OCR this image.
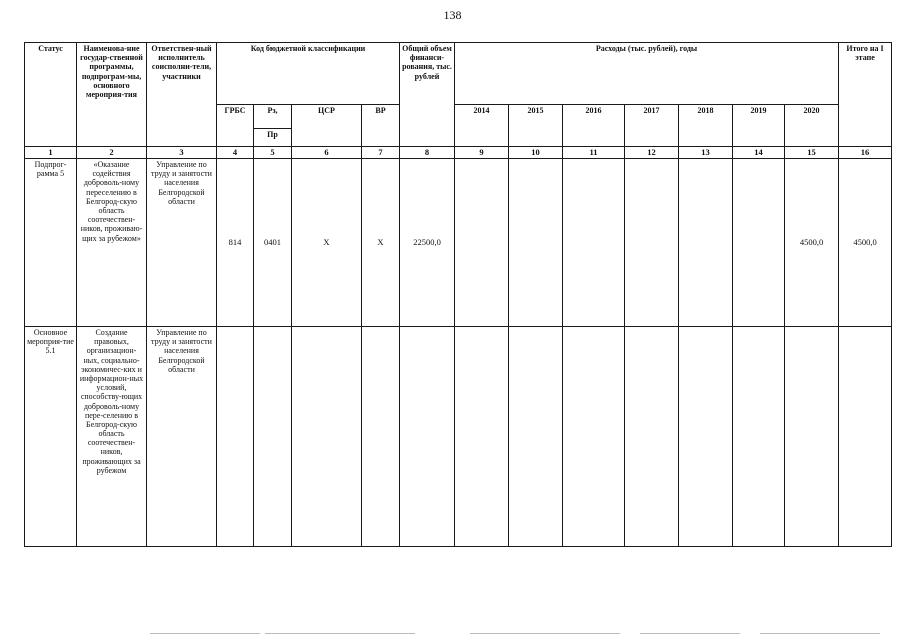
138
Статус	Наименова-ние государ-ственной программы, подпрограм-мы, основного мероприя-тия	Ответствен-ный исполнитель соисполни-тели, участники	Код бюджетной классификации				Общий объем финанси-рования, тыс. рублей	Расходы (тыс. рублей), годы							Итого на I этапе
			ГРБС	Рз,	ЦСР	ВР		2014	2015	2016	2017	2018	2019	2020	
				Пр											
1	2	3	4	5	6	7	8	9	10	11	12	13	14	15	16
Подпрог-рамма 5	«Оказание содействия доброволь-ному переселению в Белгород-скую область соотечествен-ников, проживаю-щих за рубежом»	Управление по труду и занятости населения Белгородской области	814	0401	Х	Х	22500,0							4500,0	4500,0
Основное мероприя-тие 5.1	Создание правовых, организацион-ных, социально-экономичес-ких и информацион-ных условий, способству-ющих доброволь-ному пере-селению в Белгород-скую область соотечествен-ников, проживающих за рубежом	Управление по труду и занятости населения Белгородской области													
